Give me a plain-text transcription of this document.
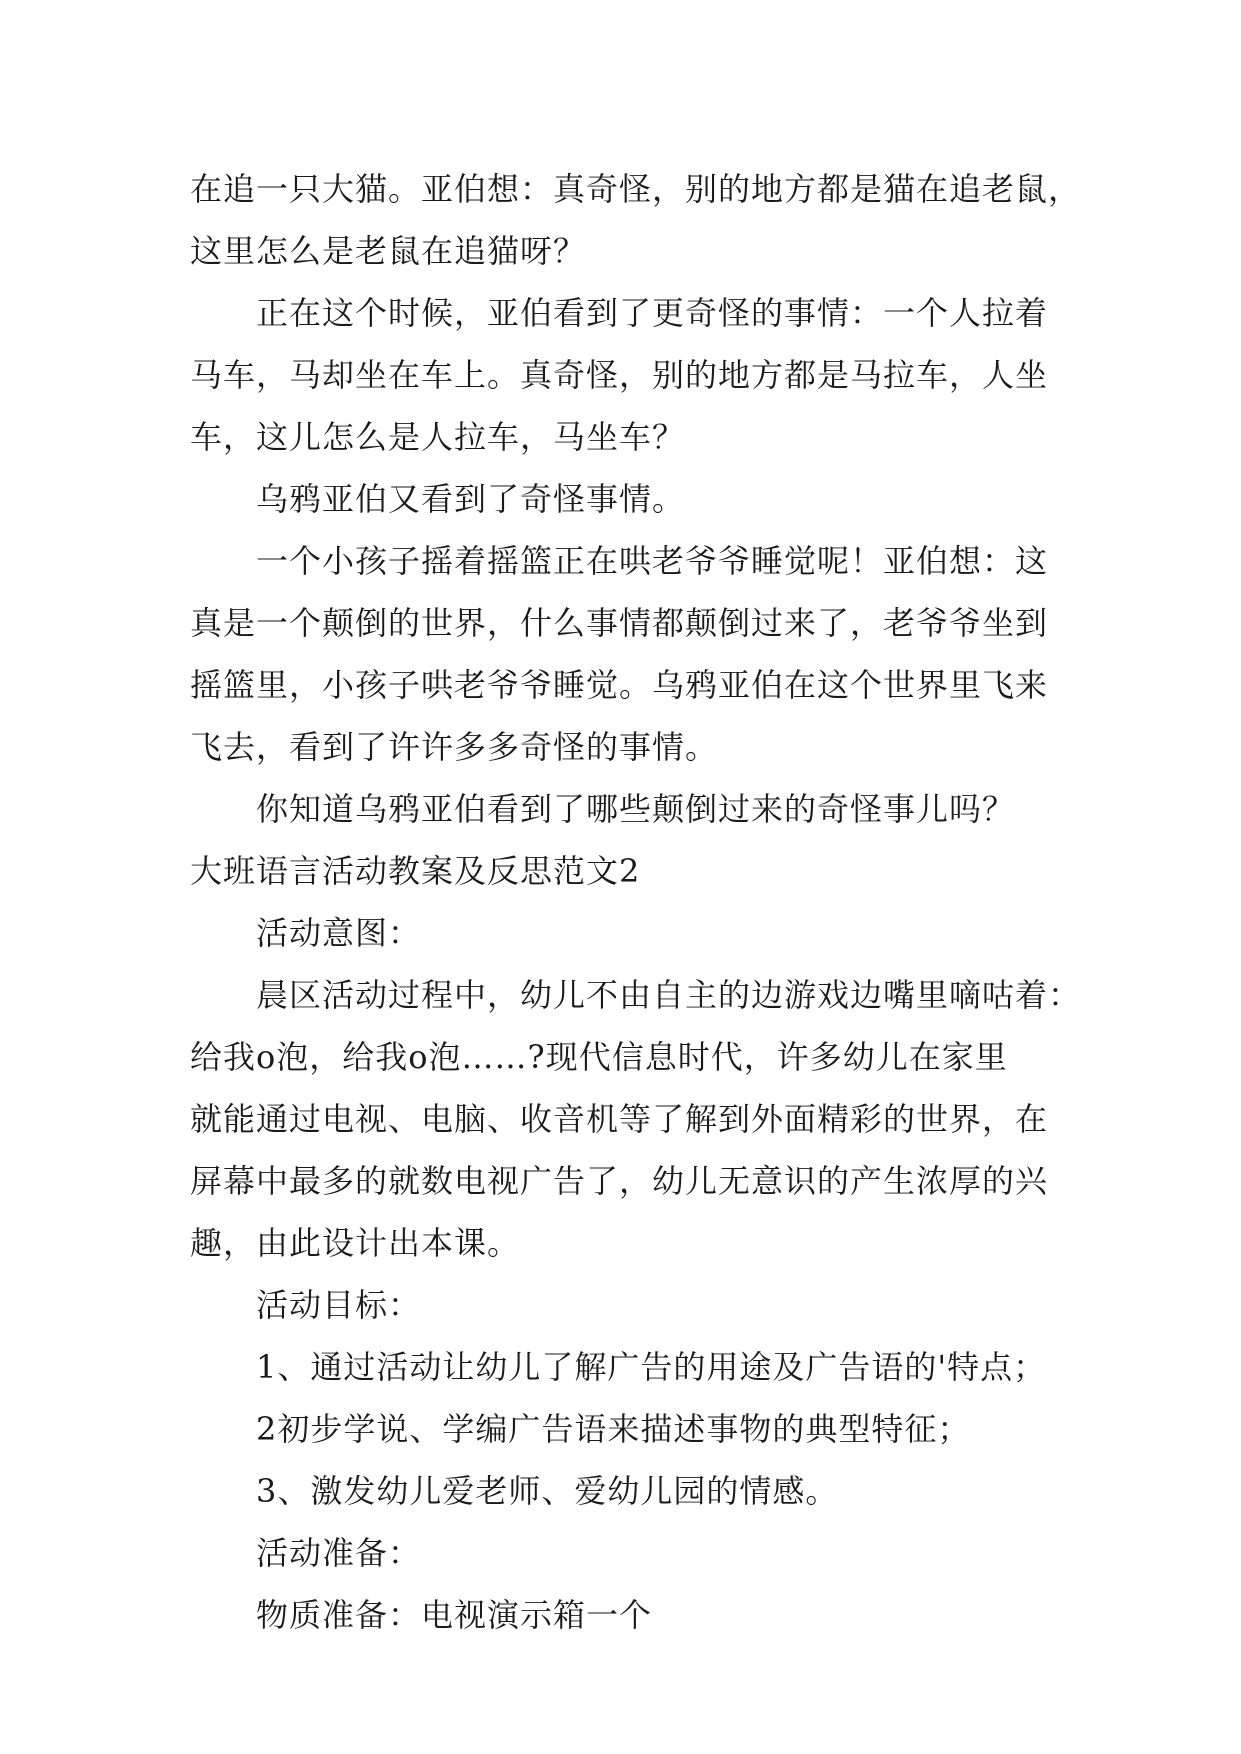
在追一只大猫。亚伯想：真奇怪，别的地方都是猫在追老鼠，
这里怎么是老鼠在追猫呀？
正在这个时候，亚伯看到了更奇怪的事情：一个人拉着
马车，马却坐在车上。真奇怪，别的地方都是马拉车，人坐
车，这儿怎么是人拉车，马坐车？
乌鸦亚伯又看到了奇怪事情。
一个小孩子摇着摇篮正在哄老爷爷睡觉呢！亚伯想：这
真是一个颠倒的世界，什么事情都颠倒过来了，老爷爷坐到
摇篮里，小孩子哄老爷爷睡觉。乌鸦亚伯在这个世界里飞来
飞去，看到了许许多多奇怪的事情。
你知道乌鸦亚伯看到了哪些颠倒过来的奇怪事儿吗？
大班语言活动教案及反思范文2
活动意图：
晨区活动过程中，幼儿不由自主的边游戏边嘴里嘀咕着：
给我o泡，给我o泡……?现代信息时代，许多幼儿在家里
就能通过电视、电脑、收音机等了解到外面精彩的世界，在
屏幕中最多的就数电视广告了，幼儿无意识的产生浓厚的兴
趣，由此设计出本课。
活动目标：
1、通过活动让幼儿了解广告的用途及广告语的'特点；
2初步学说、学编广告语来描述事物的典型特征；
3、激发幼儿爱老师、爱幼儿园的情感。
活动准备：
物质准备：电视演示箱一个
